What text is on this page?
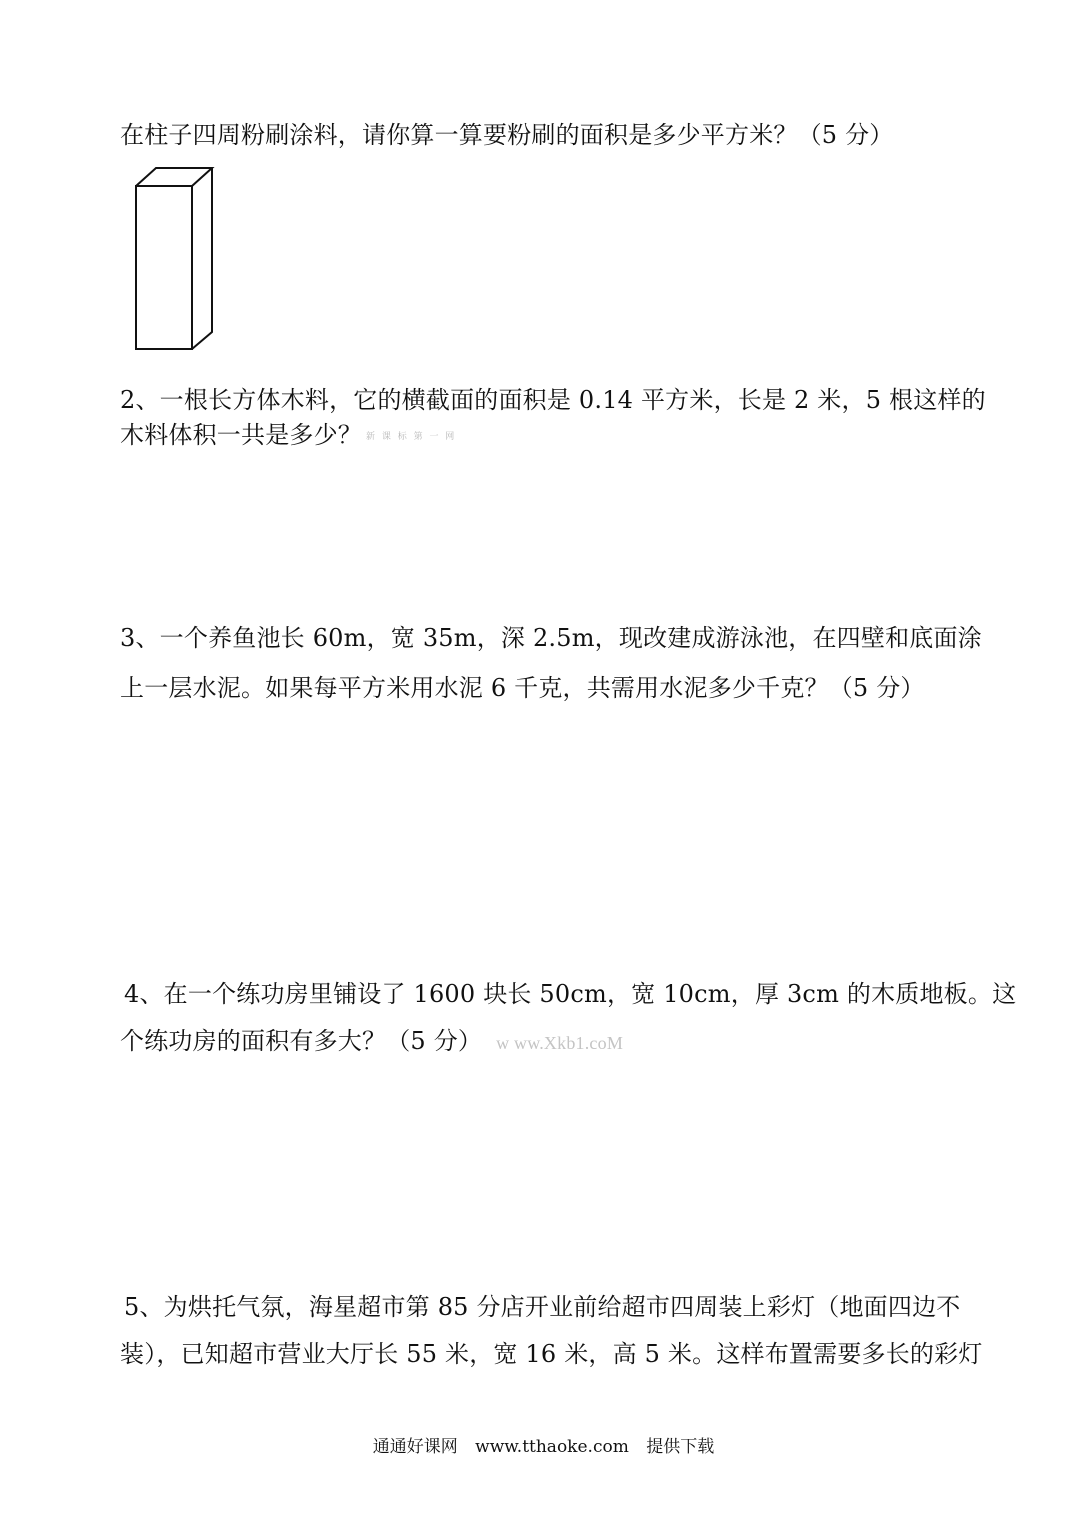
在柱子四周粉刷涂料，请你算一算要粉刷的面积是多少平方米？（5 分）
2、一根长方体木料，它的横截面的面积是 0.14 平方米，长是 2 米，5 根这样的
木料体积一共是多少？ 新 课 标 第 一 网
3、一个养鱼池长 60m，宽 35m，深 2.5m，现改建成游泳池，在四壁和底面涂
上一层水泥。如果每平方米用水泥 6 千克，共需用水泥多少千克？（5 分）
4、在一个练功房里铺设了 1600 块长 50cm，宽 10cm，厚 3cm 的木质地板。这
个练功房的面积有多大？（5 分） w ww.Xkb1.coM
5、为烘托气氛，海星超市第 85 分店开业前给超市四周装上彩灯（地面四边不
装），已知超市营业大厅长 55 米，宽 16 米，高 5 米。这样布置需要多长的彩灯
通通好课网 www.tthaoke.com 提供下载
